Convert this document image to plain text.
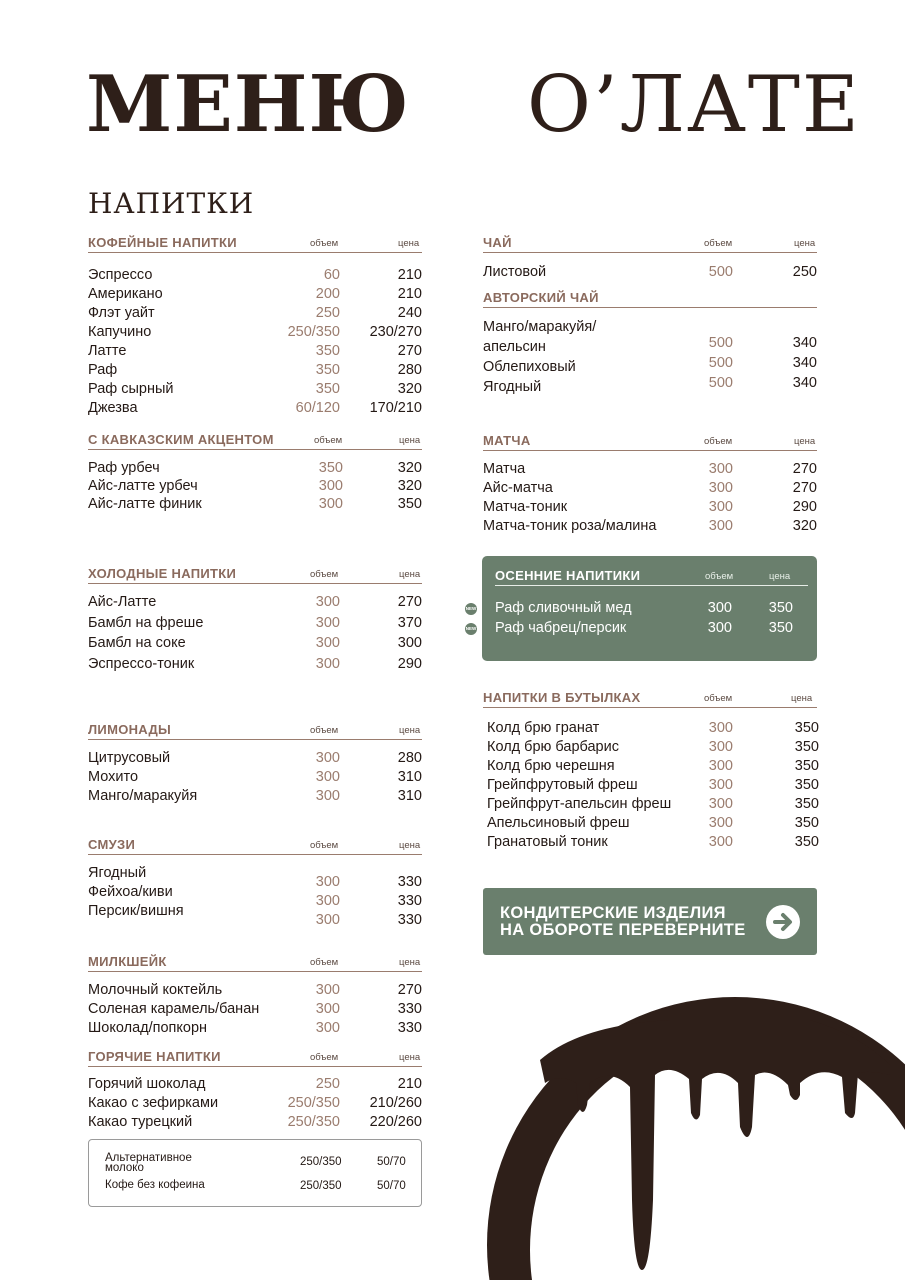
МЕНЮ О’ЛАТЕ
НАПИТКИ
КОФЕЙНЫЕ НАПИТКИ	объем	цена
Эспрессо	60	210
Американо	200	210
Флэт уайт	250	240
Капучино	250/350 230/270
Латте	350	270
Раф	350	280
Раф сырный	350	320
Джезва	60/120 170/210
С КАВКАЗСКИМ АКЦЕНТОМ	объем	цена
Раф урбеч	350	320
Айс-латте урбеч	300	320
Айс-латте финик	300	350
ХОЛОДНЫЕ НАПИТКИ	объем	цена
Айс-Латте	300	270
Бамбл на фреше	300	370
Бамбл на соке	300	300
Эспрессо-тоник	300	290
ЛИМОНАДЫ	объем	цена
Цитрусовый	300	280
Мохито	300	310
Манго/маракуйя	300	310
СМУЗИ	объем	цена
Ягодный
300	330
Фейхоа/киви
300	330
Персик/вишня
300	330
МИЛКШЕЙК	объем	цена
Молочный коктейль	300	270
Соленая карамель/банан	300	330
Шоколад/попкорн	300	330
ГОРЯЧИЕ НАПИТКИ	объем	цена
Горячий шоколад	250	210
Какао с зефирками	250/350 210/260
Какао турецкий	250/350 220/260
Альтернативное
молоко	250/350	50/70
Кофе без кофеина	250/350	50/70
ЧАЙ	объем	цена
Листовой	500	250
АВТОРСКИЙ ЧАЙ
Манго/маракуйя/
апельсин	500	340
Облепиховый	500	340
Ягодный	500	340
МАТЧА	объем	цена
Матча	300	270
Айс-матча	300	270
Матча-тоник	300	290
Матча-тоник роза/малина	300	320
ОСЕННИЕ НАПИТИКИ	объем	цена
Раф сливочный мед	300	350
Раф чабрец/персик	300	350
NEW
NEW
НАПИТКИ В БУТЫЛКАХ	объем	цена
Колд брю гранат	300	350
Колд брю барбарис	300	350
Колд брю черешня	300	350
Грейпфрутовый фреш	300	350
Грейпфрут-апельсин фреш	300	350
Апельсиновый фреш	300	350
Гранатовый тоник	300	350
КОНДИТЕРСКИЕ ИЗДЕЛИЯ
НА ОБОРОТЕ ПЕРЕВЕРНИТЕ
